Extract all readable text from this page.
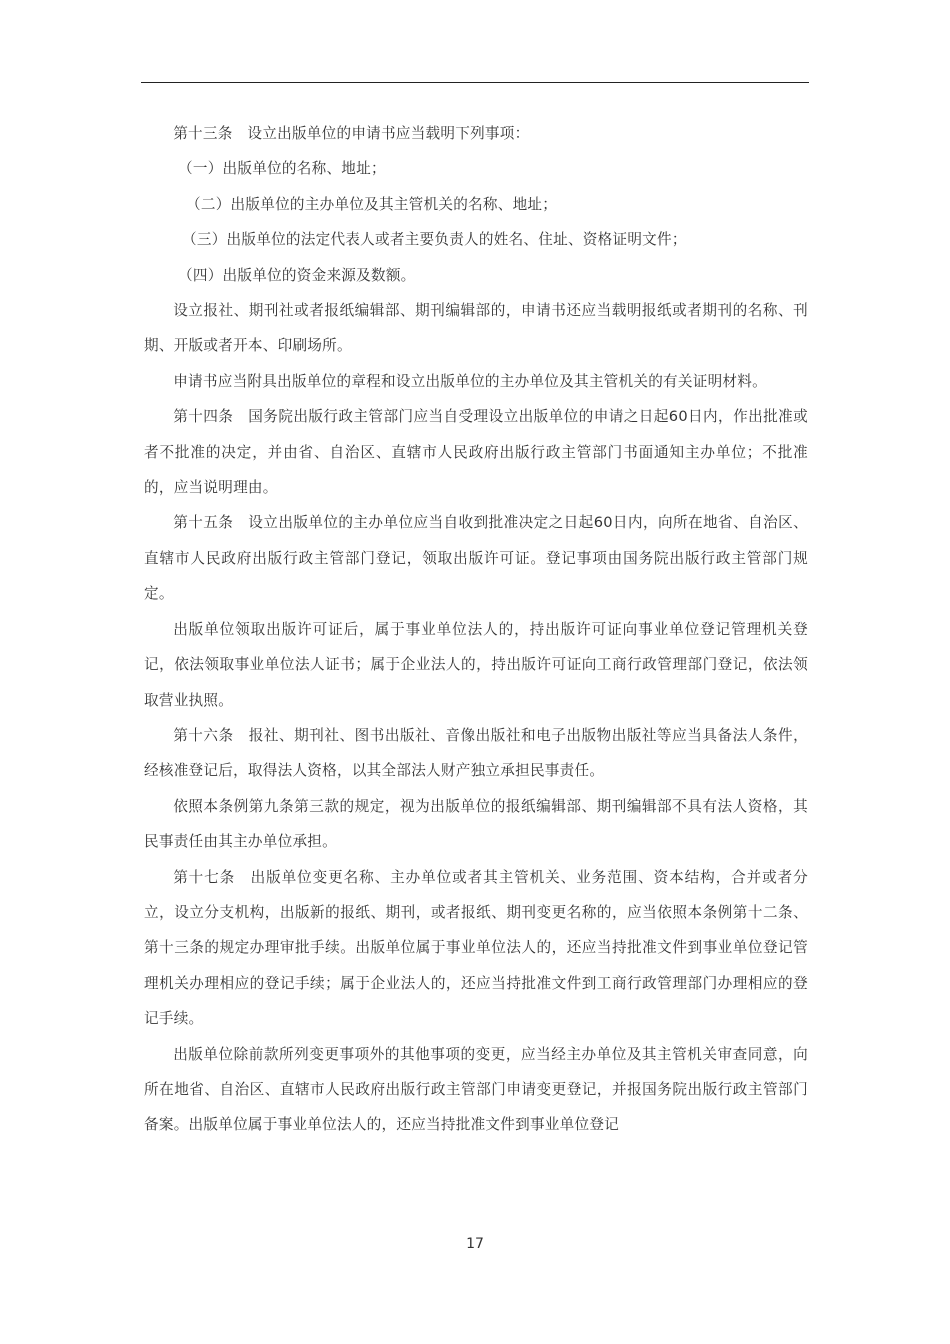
第十三条　设立出版单位的申请书应当载明下列事项：

（一）出版单位的名称、地址；

（二）出版单位的主办单位及其主管机关的名称、地址；

（三）出版单位的法定代表人或者主要负责人的姓名、住址、资格证明文件；

（四）出版单位的资金来源及数额。

设立报社、期刊社或者报纸编辑部、期刊编辑部的，申请书还应当载明报纸或者期刊的名称、刊期、开版或者开本、印刷场所。

申请书应当附具出版单位的章程和设立出版单位的主办单位及其主管机关的有关证明材料。

第十四条　国务院出版行政主管部门应当自受理设立出版单位的申请之日起60日内，作出批准或者不批准的决定，并由省、自治区、直辖市人民政府出版行政主管部门书面通知主办单位；不批准的，应当说明理由。

第十五条　设立出版单位的主办单位应当自收到批准决定之日起60日内，向所在地省、自治区、直辖市人民政府出版行政主管部门登记，领取出版许可证。登记事项由国务院出版行政主管部门规定。

出版单位领取出版许可证后，属于事业单位法人的，持出版许可证向事业单位登记管理机关登记，依法领取事业单位法人证书；属于企业法人的，持出版许可证向工商行政管理部门登记，依法领取营业执照。

第十六条　报社、期刊社、图书出版社、音像出版社和电子出版物出版社等应当具备法人条件，经核准登记后，取得法人资格，以其全部法人财产独立承担民事责任。

依照本条例第九条第三款的规定，视为出版单位的报纸编辑部、期刊编辑部不具有法人资格，其民事责任由其主办单位承担。

第十七条　出版单位变更名称、主办单位或者其主管机关、业务范围、资本结构，合并或者分立，设立分支机构，出版新的报纸、期刊，或者报纸、期刊变更名称的，应当依照本条例第十二条、第十三条的规定办理审批手续。出版单位属于事业单位法人的，还应当持批准文件到事业单位登记管理机关办理相应的登记手续；属于企业法人的，还应当持批准文件到工商行政管理部门办理相应的登记手续。

出版单位除前款所列变更事项外的其他事项的变更，应当经主办单位及其主管机关审查同意，向所在地省、自治区、直辖市人民政府出版行政主管部门申请变更登记，并报国务院出版行政主管部门备案。出版单位属于事业单位法人的，还应当持批准文件到事业单位登记

17
